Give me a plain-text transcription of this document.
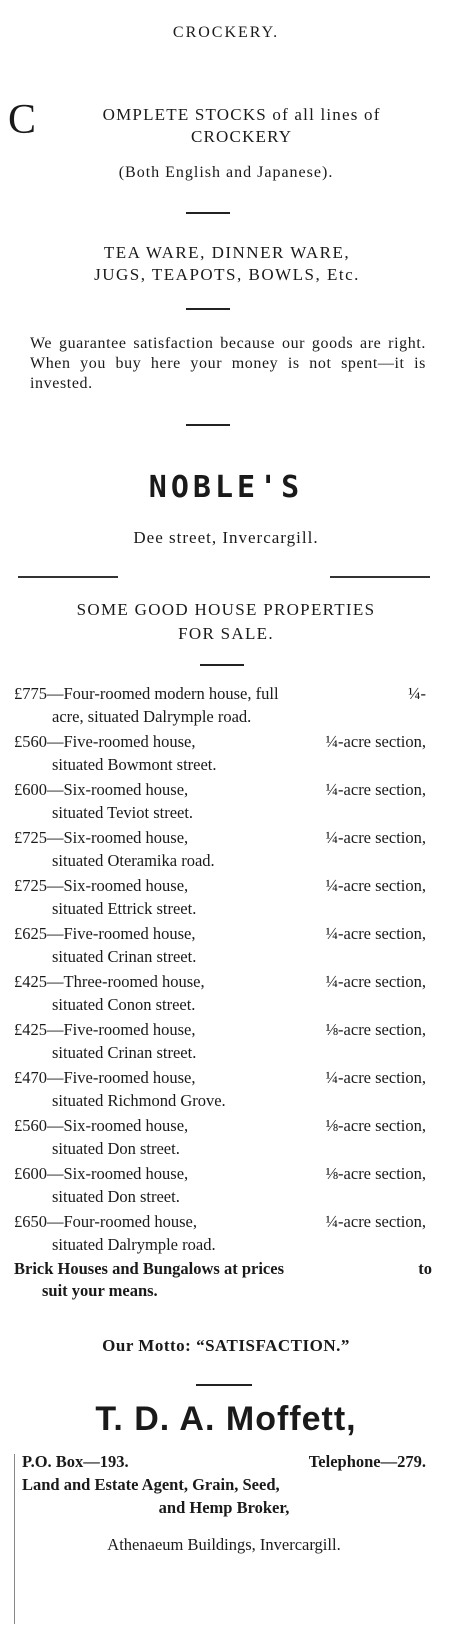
CROCKERY.
C	OMPLETE STOCKS of all lines of
CROCKERY
(Both English and Japanese).
TEA WARE, DINNER WARE,
JUGS, TEAPOTS, BOWLS, Etc.
We guarantee satisfaction because our goods are right. When you buy here your money is not spent—it is invested.
NOBLE'S
Dee street, Invercargill.
SOME GOOD HOUSE PROPERTIES
FOR SALE.
£775—Four-roomed modern house, full	¼-
acre, situated Dalrymple road.
£560—Five-roomed house,	¼-acre section,
situated Bowmont street.
£600—Six-roomed house,	¼-acre section,
situated Teviot street.
£725—Six-roomed house,	¼-acre section,
situated Oteramika road.
£725—Six-roomed house,	¼-acre section,
situated Ettrick street.
£625—Five-roomed house,	¼-acre section,
situated Crinan street.
£425—Three-roomed house,	¼-acre section,
situated Conon street.
£425—Five-roomed house,	⅛-acre section,
situated Crinan street.
£470—Five-roomed house,	¼-acre section,
situated Richmond Grove.
£560—Six-roomed house,	⅛-acre section,
situated Don street.
£600—Six-roomed house,	⅛-acre section,
situated Don street.
£650—Four-roomed house,	¼-acre section,
situated Dalrymple road.
Brick Houses and Bungalows at prices	to
suit your means.
Our Motto: “SATISFACTION.”
T. D. A. Moffett,
P.O. Box—193.	Telephone—279.
Land and Estate Agent, Grain, Seed,
and Hemp Broker,
Athenaeum Buildings, Invercargill.
